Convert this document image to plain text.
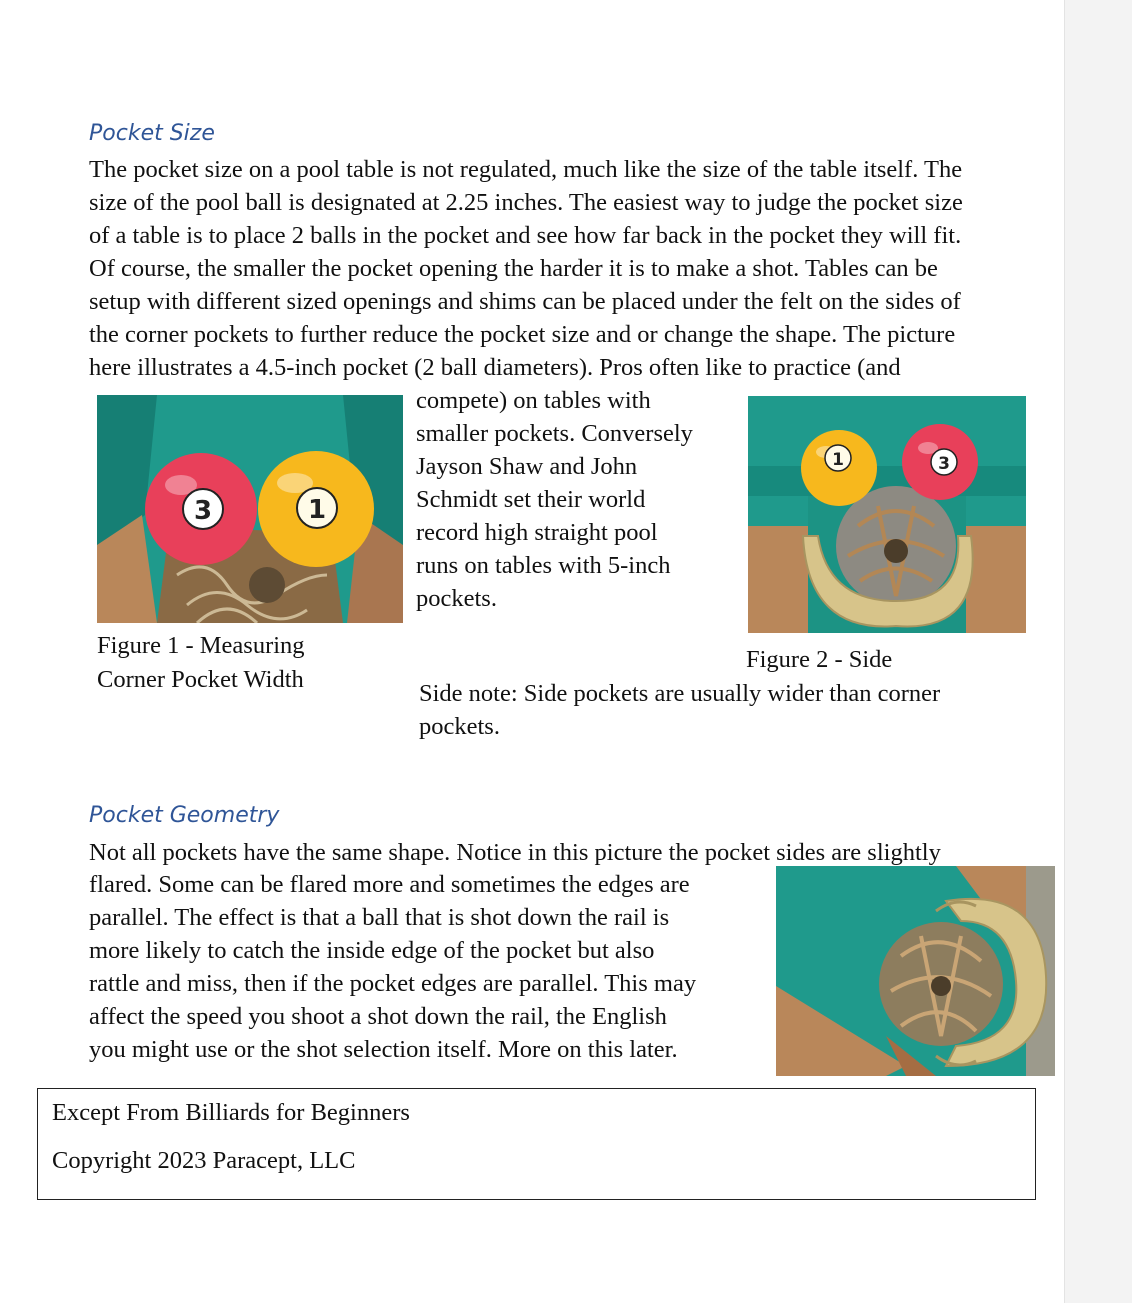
Pocket Size
The pocket size on a pool table is not regulated, much like the size of the table itself. The
size of the pool ball is designated at 2.25 inches. The easiest way to judge the pocket size
of a table is to place 2 balls in the pocket and see how far back in the pocket they will fit.
Of course, the smaller the pocket opening the harder it is to make a shot. Tables can be
setup with different sized openings and shims can be placed under the felt on the sides of
the corner pockets to further reduce the pocket size and or change the shape. The picture
here illustrates a 4.5-inch pocket (2 ball diameters). Pros often like to practice (and
compete) on tables with
smaller pockets. Conversely
Jayson Shaw and John
Schmidt set their world
record high straight pool
runs on tables with 5-inch
pockets.
3	1
Figure 1 - Measuring
Corner Pocket Width
1	3
Figure 2 - Side
Side note: Side pockets are usually wider than corner
pockets.
Pocket Geometry
Not all pockets have the same shape. Notice in this picture the pocket sides are slightly
flared. Some can be flared more and sometimes the edges are
parallel. The effect is that a ball that is shot down the rail is
more likely to catch the inside edge of the pocket but also
rattle and miss, then if the pocket edges are parallel. This may
affect the speed you shoot a shot down the rail, the English
you might use or the shot selection itself. More on this later.
Except From Billiards for Beginners
Copyright 2023 Paracept, LLC
